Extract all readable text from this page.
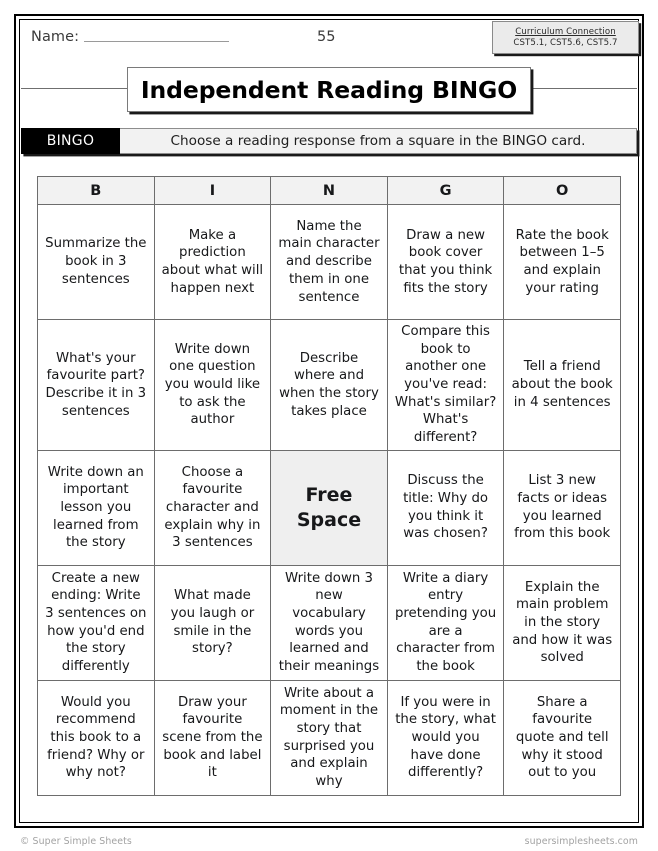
Name:	55	Curriculum Connection
CST5.1, CST5.6, CST5.7
Independent Reading BINGO
BINGO	Choose a reading response from a square in the BINGO card.
B	I	N	G	O
Summarize the book in 3 sentences	Make a prediction about what will happen next	Name the main character and describe them in one sentence	Draw a new book cover that you think fits the story	Rate the book between 1–5 and explain your rating
What's your favourite part? Describe it in 3 sentences	Write down one question you would like to ask the author	Describe where and when the story takes place	Compare this book to another one you've read: What's similar? What's different?	Tell a friend about the book in 4 sentences
Write down an important lesson you learned from the story	Choose a favourite character and explain why in 3 sentences	Free Space	Discuss the title: Why do you think it was chosen?	List 3 new facts or ideas you learned from this book
Create a new ending: Write 3 sentences on how you'd end the story differently	What made you laugh or smile in the story?	Write down 3 new vocabulary words you learned and their meanings	Write a diary entry pretending you are a character from the book	Explain the main problem in the story and how it was solved
Would you recommend this book to a friend? Why or why not?	Draw your favourite scene from the book and label it	Write about a moment in the story that surprised you and explain why	If you were in the story, what would you have done differently?	Share a favourite quote and tell why it stood out to you
© Super Simple Sheets	supersimplesheets.com
